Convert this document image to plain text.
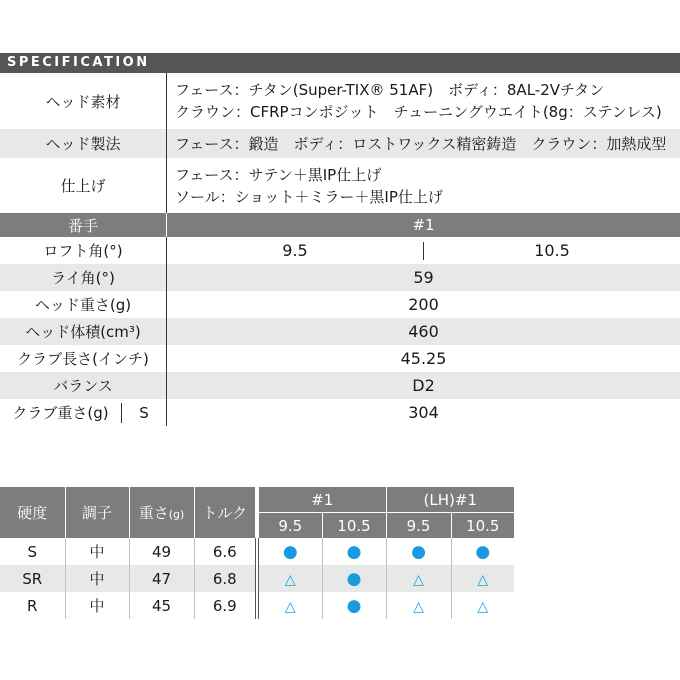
SPECIFICATION
ヘッド素材	フェース：チタン(Super-TIX® 51AF)　ボディ：8AL-2Vチタン
クラウン：CFRPコンポジット　チューニングウエイト(8g：ステンレス)

ヘッド製法	フェース：鍛造　ボディ：ロストワックス精密鋳造　クラウン：加熱成型
仕上げ	フェース：サテン＋黒IP仕上げ
ソール：ショット＋ミラー＋黒IP仕上げ

番手	#1
ロフト角(°)	9.5 10.5

ライ角(°)	59
ヘッド重さ(g)	200
ヘッド体積(cm³)	460
クラブ長さ(インチ)	45.25
バランス	D2

クラブ重さ(g) S	304
硬度	調子	重さ(g)	トルク	#1		(LH)#1	
				9.5	10.5	9.5	10.5
S	中	49	6.6	●	●	●	●
SR	中	47	6.8	△	●	△	△
R	中	45	6.9	△	●	△	△
